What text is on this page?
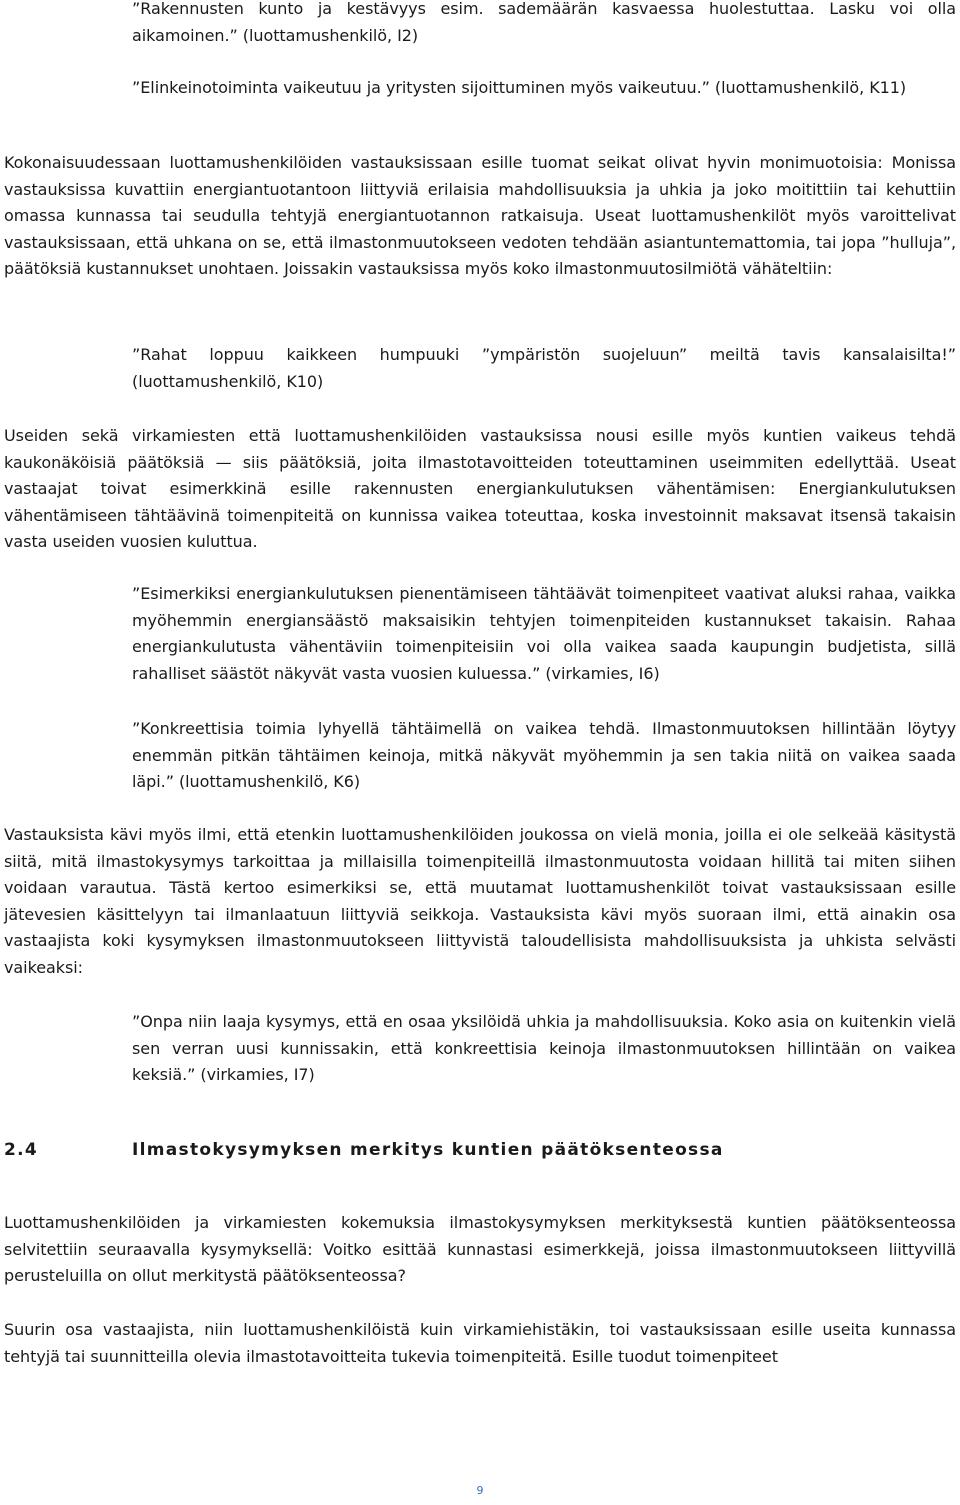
”Rakennusten kunto ja kestävyys esim. sademäärän kasvaessa huolestuttaa. Lasku voi olla aikamoinen.” (luottamushenkilö, I2)
”Elinkeinotoiminta vaikeutuu ja yritysten sijoittuminen myös vaikeutuu.” (luottamushenkilö, K11)
Kokonaisuudessaan luottamushenkilöiden vastauksissaan esille tuomat seikat olivat hyvin monimuotoisia: Monissa vastauksissa kuvattiin energiantuotantoon liittyviä erilaisia mahdollisuuksia ja uhkia ja joko moitittiin tai kehuttiin omassa kunnassa tai seudulla tehtyjä energiantuotannon ratkaisuja. Useat luottamushenkilöt myös varoittelivat vastauksissaan, että uhkana on se, että ilmastonmuutokseen vedoten tehdään asiantuntemattomia, tai jopa ”hulluja”, päätöksiä kustannukset unohtaen. Joissakin vastauksissa myös koko ilmastonmuutosilmiötä vähäteltiin:
”Rahat loppuu kaikkeen humpuuki ”ympäristön suojeluun” meiltä tavis kansalaisilta!” (luottamushenkilö, K10)
Useiden sekä virkamiesten että luottamushenkilöiden vastauksissa nousi esille myös kuntien vaikeus tehdä kaukonäköisiä päätöksiä — siis päätöksiä, joita ilmastotavoitteiden toteuttaminen useimmiten edellyttää. Useat vastaajat toivat esimerkkinä esille rakennusten energiankulutuksen vähentämisen: Energiankulutuksen vähentämiseen tähtäävinä toimenpiteitä on kunnissa vaikea toteuttaa, koska investoinnit maksavat itsensä takaisin vasta useiden vuosien kuluttua.
”Esimerkiksi energiankulutuksen pienentämiseen tähtäävät toimenpiteet vaativat aluksi rahaa, vaikka myöhemmin energiansäästö maksaisikin tehtyjen toimenpiteiden kustannukset takaisin. Rahaa energiankulutusta vähentäviin toimenpiteisiin voi olla vaikea saada kaupungin budjetista, sillä rahalliset säästöt näkyvät vasta vuosien kuluessa.” (virkamies, I6)
”Konkreettisia toimia lyhyellä tähtäimellä on vaikea tehdä. Ilmastonmuutoksen hillintään löytyy enemmän pitkän tähtäimen keinoja, mitkä näkyvät myöhemmin ja sen takia niitä on vaikea saada läpi.” (luottamushenkilö, K6)
Vastauksista kävi myös ilmi, että etenkin luottamushenkilöiden joukossa on vielä monia, joilla ei ole selkeää käsitystä siitä, mitä ilmastokysymys tarkoittaa ja millaisilla toimenpiteillä ilmastonmuutosta voidaan hillitä tai miten siihen voidaan varautua. Tästä kertoo esimerkiksi se, että muutamat luottamushenkilöt toivat vastauksissaan esille jätevesien käsittelyyn tai ilmanlaatuun liittyviä seikkoja. Vastauksista kävi myös suoraan ilmi, että ainakin osa vastaajista koki kysymyksen ilmastonmuutokseen liittyvistä taloudellisista mahdollisuuksista ja uhkista selvästi vaikeaksi:
”Onpa niin laaja kysymys, että en osaa yksilöidä uhkia ja mahdollisuuksia. Koko asia on kuitenkin vielä sen verran uusi kunnissakin, että konkreettisia keinoja ilmastonmuutoksen hillintään on vaikea keksiä.” (virkamies, I7)
2.4	Ilmastokysymyksen merkitys kuntien päätöksenteossa
Luottamushenkilöiden ja virkamiesten kokemuksia ilmastokysymyksen merkityksestä kuntien päätöksenteossa selvitettiin seuraavalla kysymyksellä: Voitko esittää kunnastasi esimerkkejä, joissa ilmastonmuutokseen liittyvillä perusteluilla on ollut merkitystä päätöksenteossa?
Suurin osa vastaajista, niin luottamushenkilöistä kuin virkamiehistäkin, toi vastauksissaan esille useita kunnassa tehtyjä tai suunnitteilla olevia ilmastotavoitteita tukevia toimenpiteitä. Esille tuodut toimenpiteet
9
